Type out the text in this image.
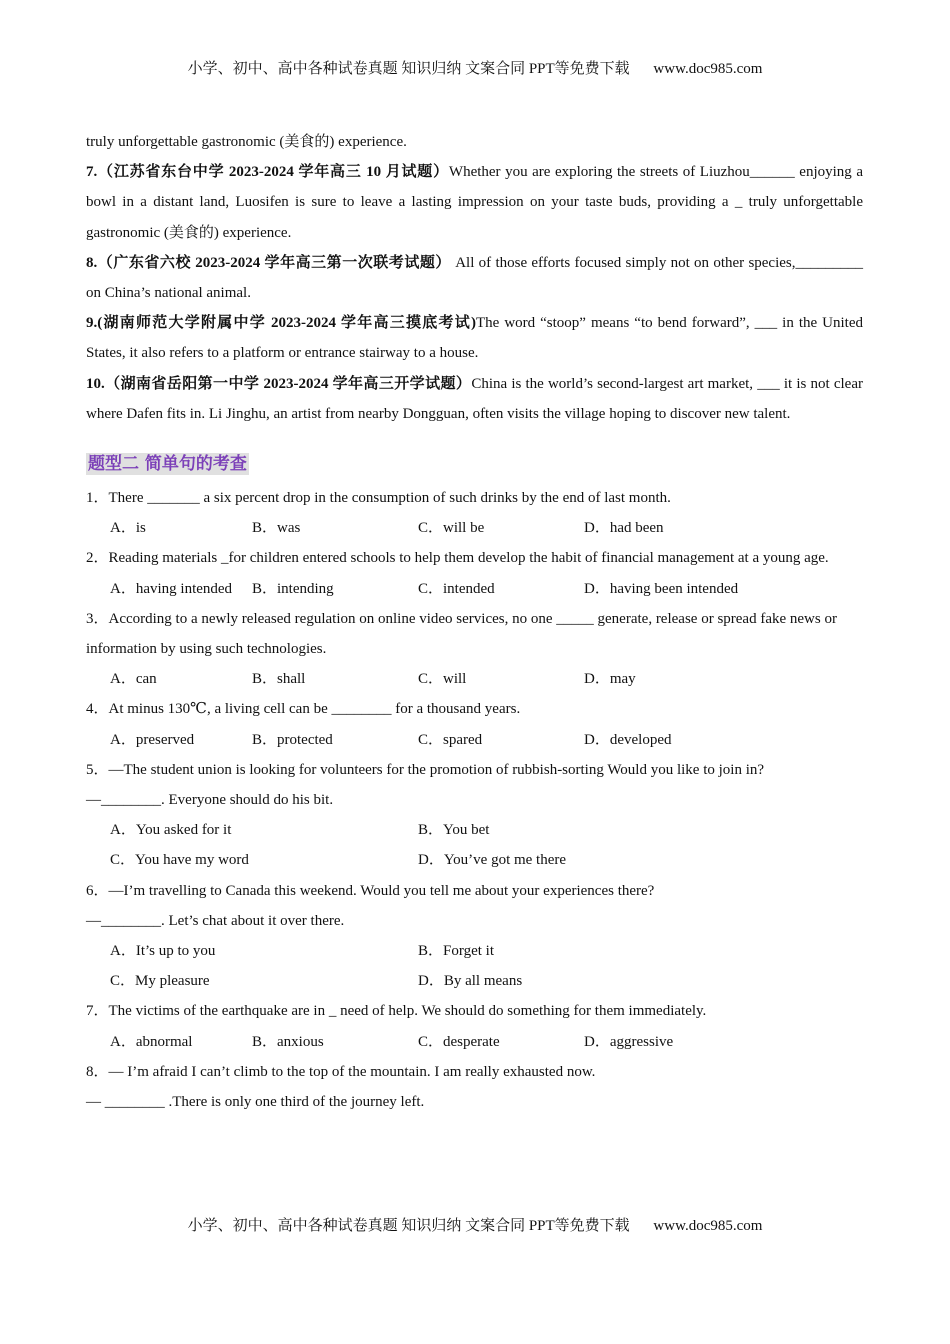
小学、初中、高中各种试卷真题 知识归纳 文案合同 PPT等免费下载 www.doc985.com
truly unforgettable gastronomic (美食的) experience.
7.（江苏省东台中学 2023-2024 学年高三 10 月试题）Whether you are exploring the streets of Liuzhou______ enjoying a bowl in a distant land, Luosifen is sure to leave a lasting impression on your taste buds, providing a _ truly unforgettable gastronomic (美食的) experience.
8.（广东省六校 2023-2024 学年高三第一次联考试题） All of those efforts focused simply not on other species,_________ on China’s national animal.
9.(湖南师范大学附属中学 2023-2024 学年高三摸底考试)The word “stoop” means “to bend forward”, ___ in the United States, it also refers to a platform or entrance stairway to a house.
10.（湖南省岳阳第一中学 2023-2024 学年高三开学试题）China is the world’s second-largest art market, ___ it is not clear where Dafen fits in. Li Jinghu, an artist from nearby Dongguan, often visits the village hoping to discover new talent.
题型二 简单句的考查
1．There _______ a six percent drop in the consumption of such drinks by the end of last month.
A．is	B．was	C．will be	D．had been
2．Reading materials _for children entered schools to help them develop the habit of financial management at a young age.
A．having intended	B．intending	C．intended	D．having been intended
3．According to a newly released regulation on online video services, no one _____ generate, release or spread fake news or information by using such technologies.
A．can	B．shall	C．will	D．may
4．At minus 130℃, a living cell can be ________ for a thousand years.
A．preserved	B．protected	C．spared	D．developed
5．—The student union is looking for volunteers for the promotion of rubbish-sorting Would you like to join in?
—________. Everyone should do his bit.
A．You asked for it	B．You bet
C．You have my word	D．You’ve got me there
6．—I’m travelling to Canada this weekend. Would you tell me about your experiences there?
—________. Let’s chat about it over there.
A．It’s up to you	B．Forget it
C．My pleasure	D．By all means
7．The victims of the earthquake are in _ need of help. We should do something for them immediately.
A．abnormal	B．anxious	C．desperate	D．aggressive
8．— I’m afraid I can’t climb to the top of the mountain. I am really exhausted now.
— ________ .There is only one third of the journey left.
小学、初中、高中各种试卷真题 知识归纳 文案合同 PPT等免费下载 www.doc985.com
